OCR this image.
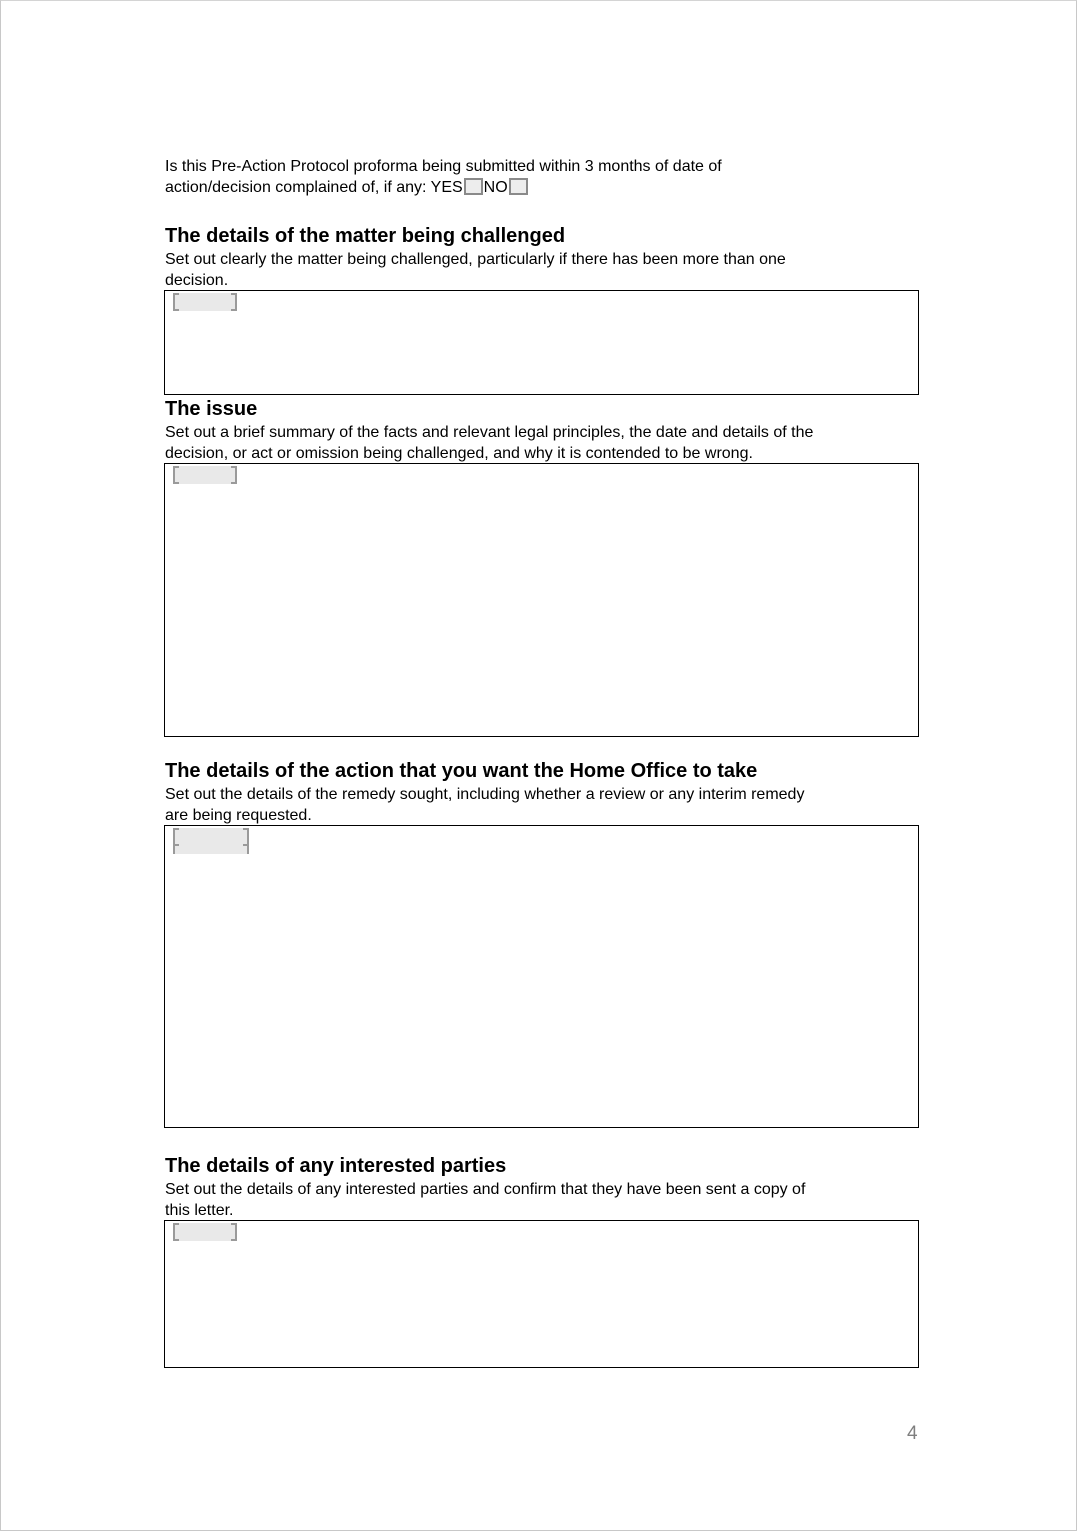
Is this Pre-Action Protocol proforma being submitted within 3 months of date of
action/decision complained of, if any: YES NO
The details of the matter being challenged
Set out clearly the matter being challenged, particularly if there has been more than one
decision.
The issue
Set out a brief summary of the facts and relevant legal principles, the date and details of the
decision, or act or omission being challenged, and why it is contended to be wrong.
The details of the action that you want the Home Office to take
Set out the details of the remedy sought, including whether a review or any interim remedy
are being requested.
The details of any interested parties
Set out the details of any interested parties and confirm that they have been sent a copy of
this letter.
4
